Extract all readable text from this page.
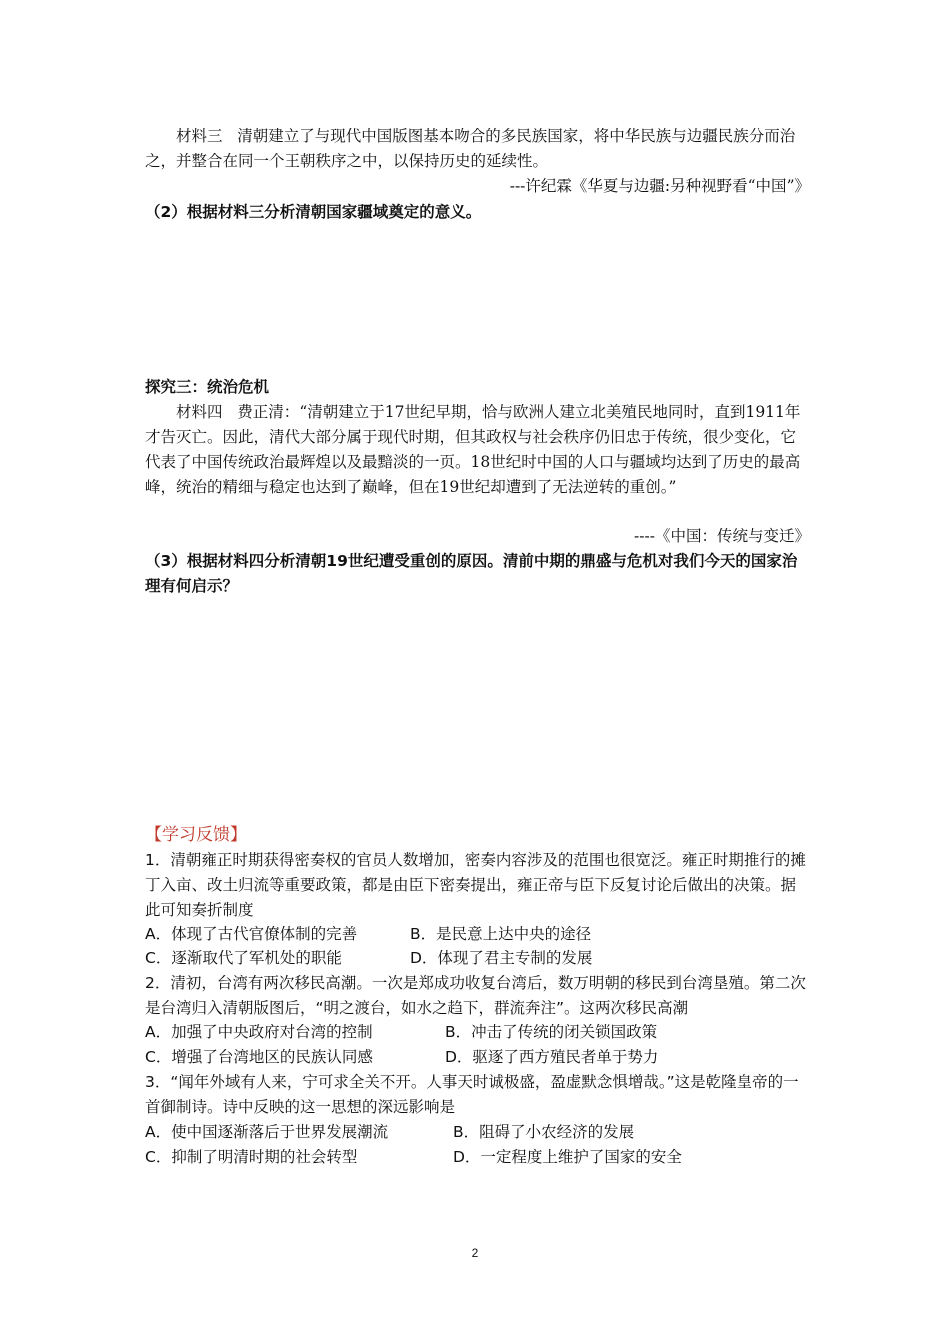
材料三 清朝建立了与现代中国版图基本吻合的多民族国家，将中华民族与边疆民族分而治之，并整合在同一个王朝秩序之中，以保持历史的延续性。

---许纪霖《华夏与边疆:另种视野看“中国”》

（2）根据材料三分析清朝国家疆域奠定的意义。

探究三：统治危机

材料四 费正清：“清朝建立于17世纪早期，恰与欧洲人建立北美殖民地同时，直到1911年才告灭亡。因此，清代大部分属于现代时期，但其政权与社会秩序仍旧忠于传统，很少变化，它代表了中国传统政治最辉煌以及最黯淡的一页。18世纪时中国的人口与疆域均达到了历史的最高峰，统治的精细与稳定也达到了巅峰，但在19世纪却遭到了无法逆转的重创。”

----《中国：传统与变迁》

（3）根据材料四分析清朝19世纪遭受重创的原因。清前中期的鼎盛与危机对我们今天的国家治理有何启示？

【学习反馈】

1．清朝雍正时期获得密奏权的官员人数增加，密奏内容涉及的范围也很宽泛。雍正时期推行的摊丁入亩、改土归流等重要政策，都是由臣下密奏提出，雍正帝与臣下反复讨论后做出的决策。据此可知奏折制度

A．体现了古代官僚体制的完善	B．是民意上达中央的途径
C．逐渐取代了军机处的职能	D．体现了君主专制的发展

2．清初，台湾有两次移民高潮。一次是郑成功收复台湾后，数万明朝的移民到台湾垦殖。第二次是台湾归入清朝版图后，“明之渡台，如水之趋下，群流奔注”。这两次移民高潮

A．加强了中央政府对台湾的控制	B．冲击了传统的闭关锁国政策
C．增强了台湾地区的民族认同感	D．驱逐了西方殖民者单于势力

3．“闻年外域有人来，宁可求全关不开。人事天时诚极盛，盈虚默念惧增哉。”这是乾隆皇帝的一首御制诗。诗中反映的这一思想的深远影响是

A．使中国逐渐落后于世界发展潮流	B．阻碍了小农经济的发展
C．抑制了明清时期的社会转型	D．一定程度上维护了国家的安全
2
